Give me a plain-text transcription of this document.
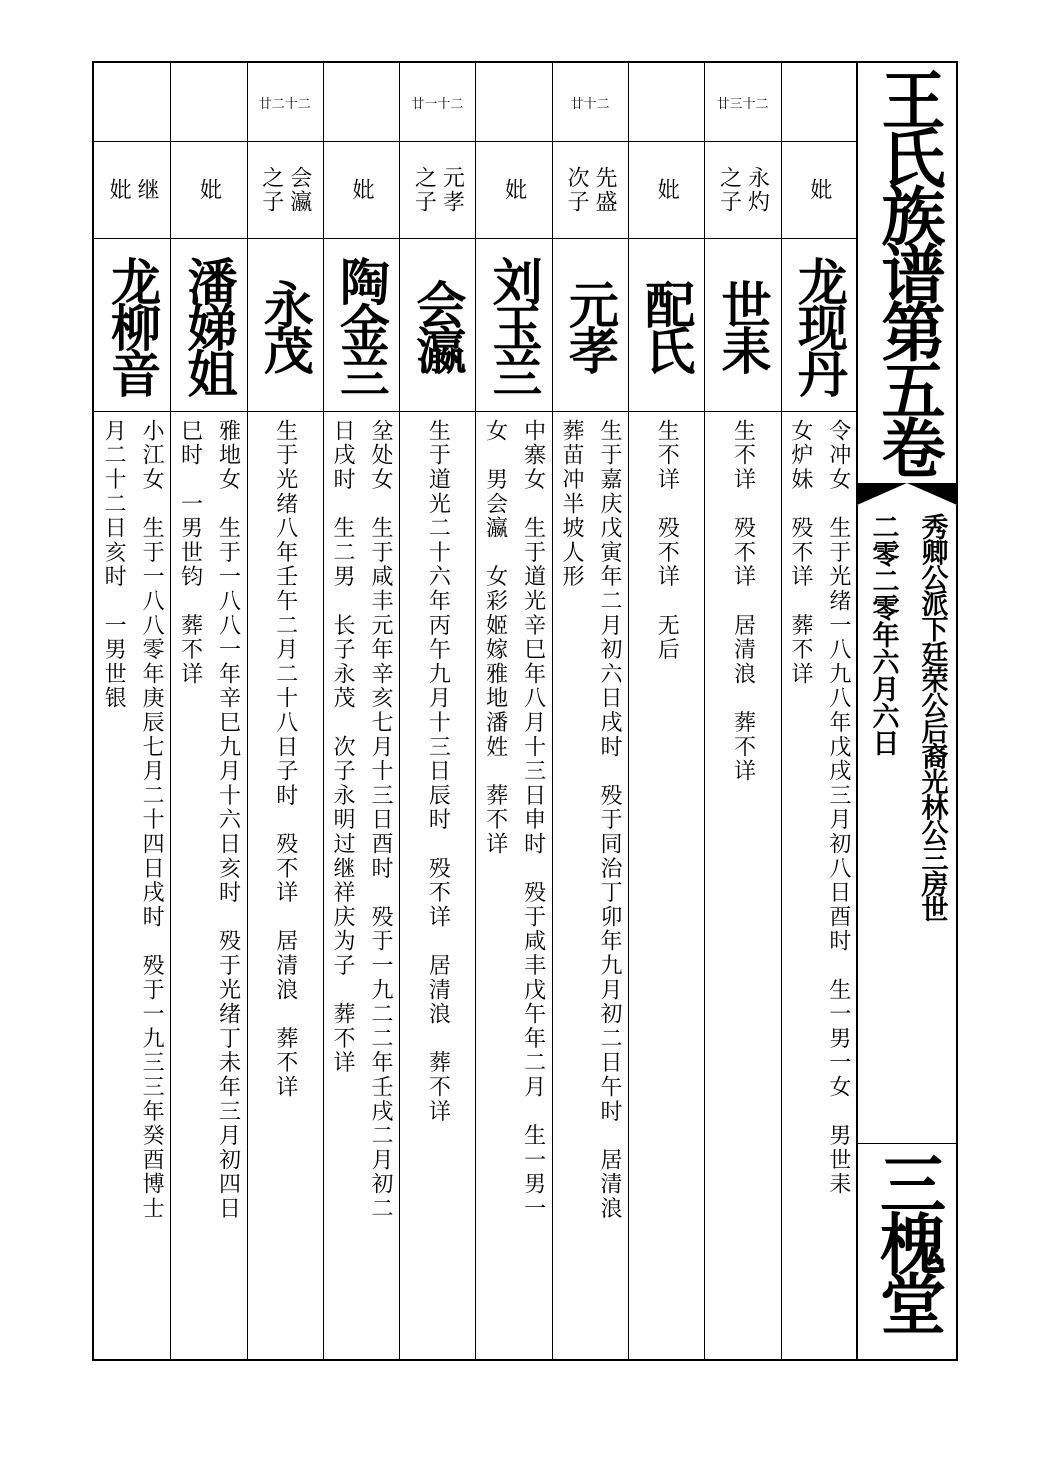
妣
龙现丹
令冲女　生于光绪一八九八年戊戌三月初八日酉时　生一男一女　男世耒
女炉妹　殁不详　葬不详
廿三十二
永灼
之子
世耒
生不详　殁不详　居清浪　葬不详
妣
配氏
生不详　殁不详　无后
廿十二
先盛
次子
元孝
生于嘉庆戊寅年二月初六日戌时　殁于同治丁卯年九月初二日午时　居清浪
葬苗冲半坡人形
妣
刘玉兰
中寨女　生于道光辛巳年八月十三日申时　殁于咸丰戊午年二月　生一男一
女　男会瀛　女彩姬嫁雅地潘姓　葬不详
廿一十二
元孝
之子
会瀛
生于道光二十六年丙午九月十三日辰时　殁不详　居清浪　葬不详
妣
陶金兰
坌处女　生于咸丰元年辛亥七月十三日酉时　殁于一九二二年壬戌二月初二
日戌时　生二男　长子永茂　次子永明过继祥庆为子　葬不详
廿二十二
会瀛
之子
永茂
生于光绪八年壬午二月二十八日子时　殁不详　居清浪　葬不详
妣
潘娣姐
雅地女　生于一八八一年辛巳九月十六日亥时　殁于光绪丁未年三月初四日
巳时　一男世钧　葬不详
继
妣
龙柳音
小江女　生于一八八零年庚辰七月二十四日戌时　殁于一九三三年癸酉博士
月二十二日亥时　一男世银
王氏族谱第五卷
秀卿公派下廷荣公后裔光林公三房世
二零二零年六月六日
三槐堂
